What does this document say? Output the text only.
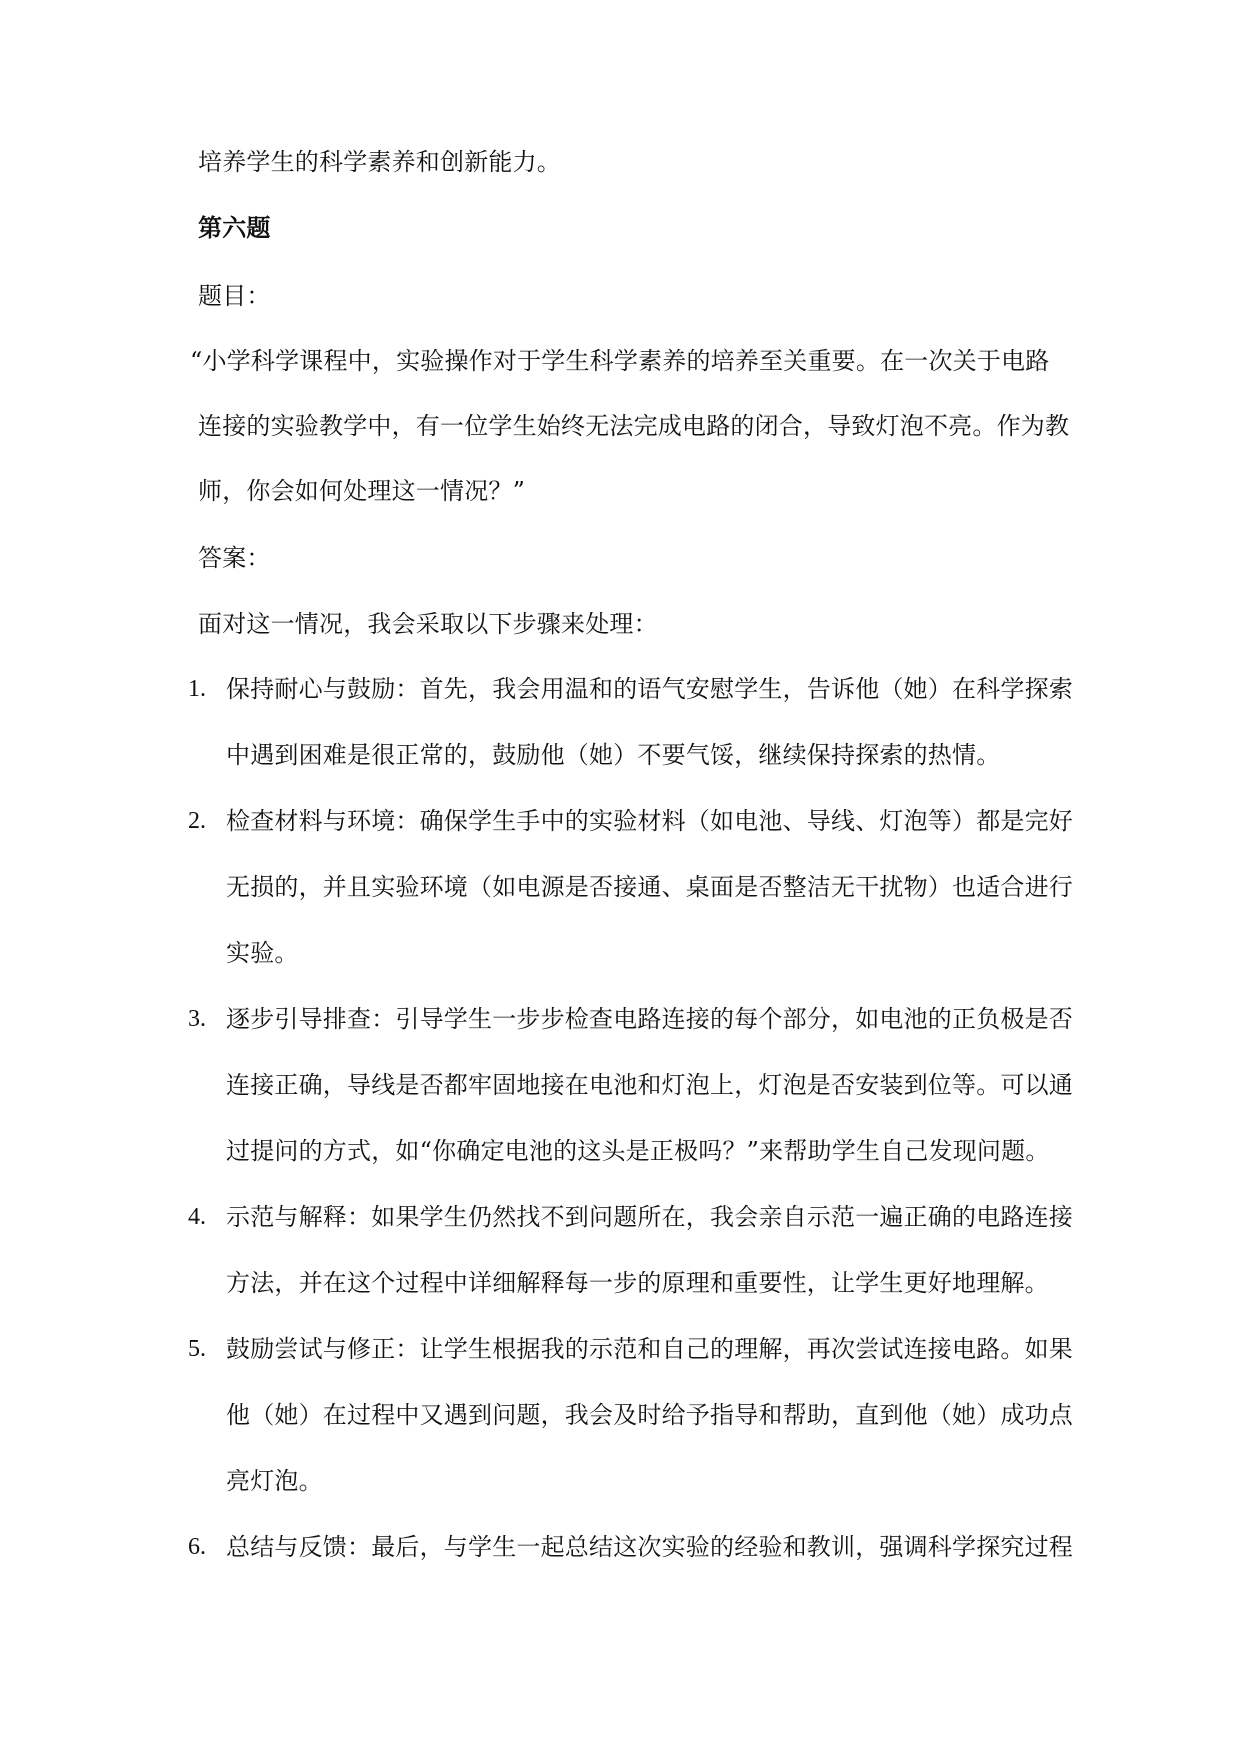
培养学生的科学素养和创新能力。
第六题
题目：
“小学科学课程中，实验操作对于学生科学素养的培养至关重要。在一次关于电路
连接的实验教学中，有一位学生始终无法完成电路的闭合，导致灯泡不亮。作为教
师，你会如何处理这一情况？”
答案：
面对这一情况，我会采取以下步骤来处理：
1. 保持耐心与鼓励：首先，我会用温和的语气安慰学生，告诉他（她）在科学探索
中遇到困难是很正常的，鼓励他（她）不要气馁，继续保持探索的热情。
2. 检查材料与环境：确保学生手中的实验材料（如电池、导线、灯泡等）都是完好
无损的，并且实验环境（如电源是否接通、桌面是否整洁无干扰物）也适合进行
实验。
3. 逐步引导排查：引导学生一步步检查电路连接的每个部分，如电池的正负极是否
连接正确，导线是否都牢固地接在电池和灯泡上，灯泡是否安装到位等。可以通
过提问的方式，如“你确定电池的这头是正极吗？”来帮助学生自己发现问题。
4. 示范与解释：如果学生仍然找不到问题所在，我会亲自示范一遍正确的电路连接
方法，并在这个过程中详细解释每一步的原理和重要性，让学生更好地理解。
5. 鼓励尝试与修正：让学生根据我的示范和自己的理解，再次尝试连接电路。如果
他（她）在过程中又遇到问题，我会及时给予指导和帮助，直到他（她）成功点
亮灯泡。
6. 总结与反馈：最后，与学生一起总结这次实验的经验和教训，强调科学探究过程
